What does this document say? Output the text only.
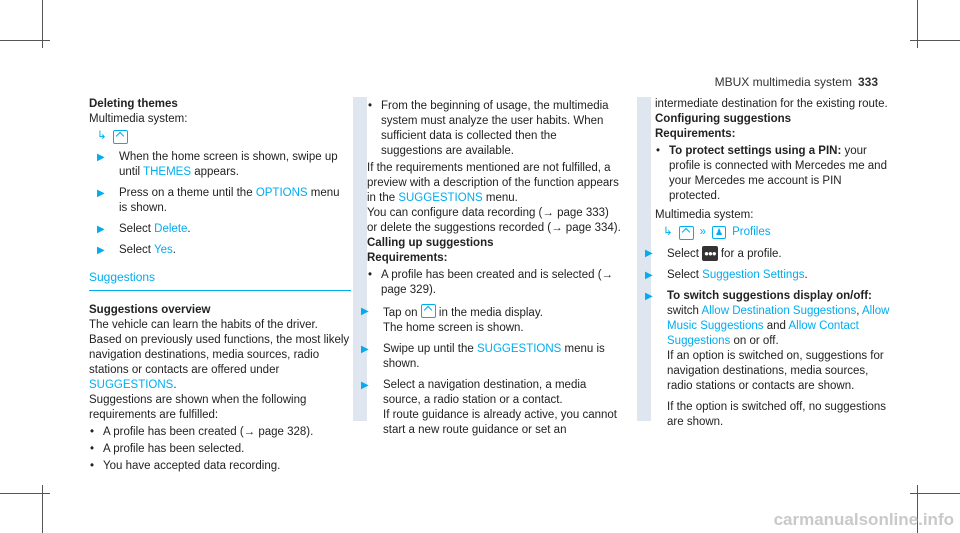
MBUX multimedia system 333
Deleting themes
Multimedia system:
↳
▶ When the home screen is shown, swipe up until THEMES appears.
▶ Press on a theme until the OPTIONS menu is shown.
▶ Select Delete.
▶ Select Yes.
Suggestions
Suggestions overview
The vehicle can learn the habits of the driver. Based on previously used functions, the most likely navigation destinations, media sources, radio stations or contacts are offered under SUGGESTIONS.
Suggestions are shown when the following requirements are fulfilled:
• A profile has been created (→ page 328).
• A profile has been selected.
• You have accepted data recording.
• From the beginning of usage, the multimedia system must analyze the user habits. When sufficient data is collected then the suggestions are available.
If the requirements mentioned are not fulfilled, a preview with a description of the function appears in the SUGGESTIONS menu.
You can configure data recording (→ page 333) or delete the suggestions recorded (→ page 334).
Calling up suggestions
Requirements:
• A profile has been created and is selected (→ page 329).
▶ Tap on  in the media display.
The home screen is shown.
▶ Swipe up until the SUGGESTIONS menu is shown.
▶ Select a navigation destination, a media source, a radio station or a contact.
If route guidance is already active, you cannot start a new route guidance or set an
intermediate destination for the existing route.
Configuring suggestions
Requirements:
• To protect settings using a PIN: your profile is connected with Mercedes me and your Mercedes me account is PIN protected.
Multimedia system:
↳ »	♟ Profiles
▶ Select ●●● for a profile.
▶ Select Suggestion Settings.
▶ To switch suggestions display on/off:
switch Allow Destination Suggestions, Allow Music Suggestions and Allow Contact Suggestions on or off.
If an option is switched on, suggestions for navigation destinations, media sources, radio stations or contacts are shown.
If the option is switched off, no suggestions are shown.
carmanualsonline.info
